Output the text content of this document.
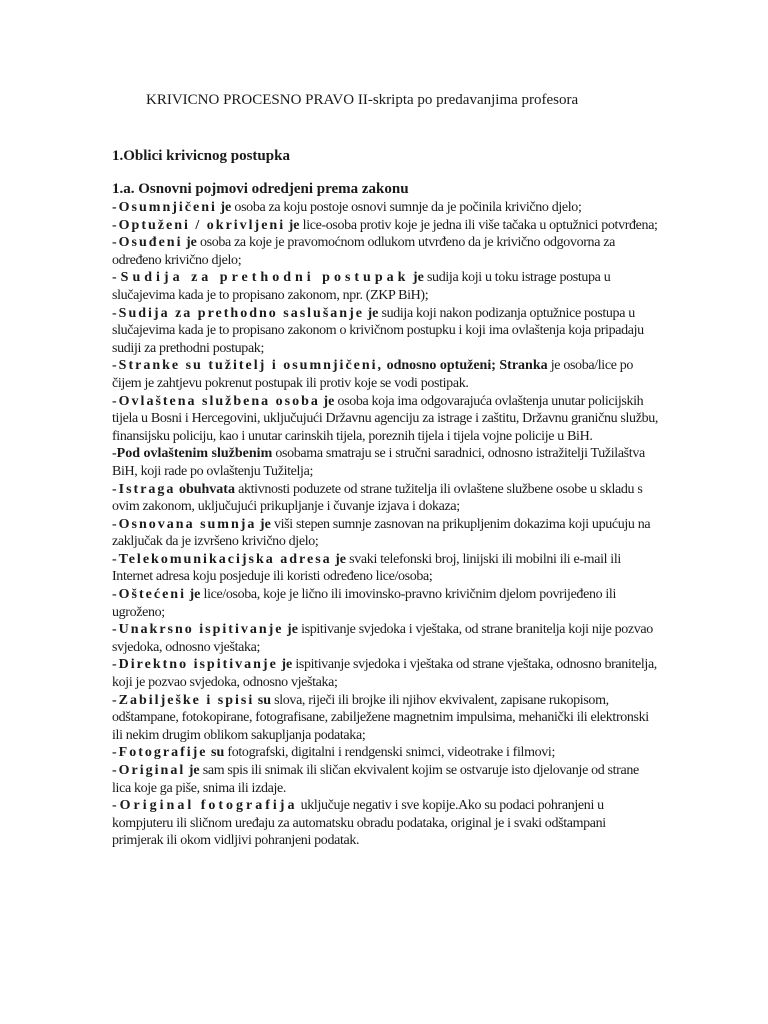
KRIVICNO PROCESNO PRAVO II-skripta po predavanjima profesora
1.Oblici krivicnog postupka
1.a. Osnovni pojmovi odredjeni prema zakonu

-Osumnjičeni je osoba za koju postoje osnovi sumnje da je počinila krivično djelo;

-Optuženi / okrivljeni je lice-osoba protiv koje je jedna ili više tačaka u optužnici potvrđena;

-Osuđeni je osoba za koje je pravomoćnom odlukom utvrđeno da je krivično odgovorna za određeno krivično djelo;

-Sudija za prethodni postupak je sudija koji u toku istrage postupa u slučajevima kada je to propisano zakonom, npr. (ZKP BiH);

-Sudija za prethodno saslušanje je sudija koji nakon podizanja optužnice postupa u slučajevima kada je to propisano zakonom o krivičnom postupku i koji ima ovlaštenja koja pripadaju sudiji za prethodni postupak;

-Stranke su tužitelj i osumnjičeni, odnosno optuženi; Stranka je osoba/lice po čijem je zahtjevu pokrenut postupak ili protiv koje se vodi postipak.

-Ovlaštena službena osoba je osoba koja ima odgovarajuća ovlaštenja unutar policijskih tijela u Bosni i Hercegovini, uključujući Državnu agenciju za istrage i zaštitu, Državnu graničnu službu, finansijsku policiju, kao i unutar carinskih tijela, poreznih tijela i tijela vojne policije u BiH.

-Pod ovlaštenim službenim osobama smatraju se i stručni saradnici, odnosno istražitelji Tužilaštva BiH, koji rade po ovlaštenju Tužitelja;

-Istraga obuhvata aktivnosti poduzete od strane tužitelja ili ovlaštene službene osobe u skladu s ovim zakonom, uključujući prikupljanje i čuvanje izjava i dokaza;

-Osnovana sumnja je viši stepen sumnje zasnovan na prikupljenim dokazima koji upućuju na zaključak da je izvršeno krivično djelo;

-Telekomunikacijska adresa je svaki telefonski broj, linijski ili mobilni ili e-mail ili Internet adresa koju posjeduje ili koristi određeno lice/osoba;

-Oštećeni je lice/osoba, koje je lično ili imovinsko-pravno krivičnim djelom povrijeđeno ili ugroženo;

-Unakrsno ispitivanje je ispitivanje svjedoka i vještaka, od strane branitelja koji nije pozvao svjedoka, odnosno vještaka;

-Direktno ispitivanje je ispitivanje svjedoka i vještaka od strane vještaka, odnosno branitelja, koji je pozvao svjedoka, odnosno vještaka;

-Zabilješke i spisi su slova, riječi ili brojke ili njihov ekvivalent, zapisane rukopisom, odštampane, fotokopirane, fotografisane, zabilježene magnetnim impulsima, mehanički ili elektronski ili nekim drugim oblikom sakupljanja podataka;

-Fotografije su fotografski, digitalni i rendgenski snimci, videotrake i filmovi;

-Original je sam spis ili snimak ili sličan ekvivalent kojim se ostvaruje isto djelovanje od strane lica koje ga piše, snima ili izdaje.

-Original fotografija uključuje negativ i sve kopije.Ako su podaci pohranjeni u kompjuteru ili sličnom uređaju za automatsku obradu podataka, original je i svaki odštampani primjerak ili okom vidljivi pohranjeni podatak.
